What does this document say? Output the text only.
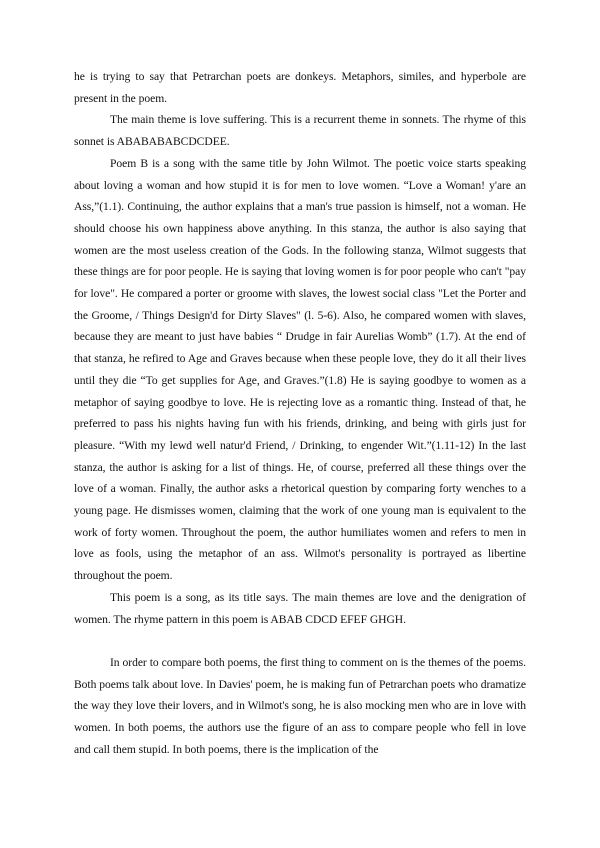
he is trying to say that Petrarchan poets are donkeys. Metaphors, similes, and hyperbole are present in the poem.

The main theme is love suffering. This is a recurrent theme in sonnets. The rhyme of this sonnet is ABABABABCDCDEE.

Poem B is a song with the same title by John Wilmot. The poetic voice starts speaking about loving a woman and how stupid it is for men to love women. “Love a Woman! y'are an Ass,”(1.1). Continuing, the author explains that a man's true passion is himself, not a woman. He should choose his own happiness above anything. In this stanza, the author is also saying that women are the most useless creation of the Gods. In the following stanza, Wilmot suggests that these things are for poor people. He is saying that loving women is for poor people who can't "pay for love". He compared a porter or groome with slaves, the lowest social class "Let the Porter and the Groome, / Things Design'd for Dirty Slaves" (l. 5-6). Also, he compared women with slaves, because they are meant to just have babies “ Drudge in fair Aurelias Womb” (1.7). At the end of that stanza, he refired to Age and Graves because when these people love, they do it all their lives until they die “To get supplies for Age, and Graves.”(1.8) He is saying goodbye to women as a metaphor of saying goodbye to love. He is rejecting love as a romantic thing. Instead of that, he preferred to pass his nights having fun with his friends, drinking, and being with girls just for pleasure. “With my lewd well natur'd Friend, / Drinking, to engender Wit.”(1.11-12) In the last stanza, the author is asking for a list of things. He, of course, preferred all these things over the love of a woman. Finally, the author asks a rhetorical question by comparing forty wenches to a young page. He dismisses women, claiming that the work of one young man is equivalent to the work of forty women. Throughout the poem, the author humiliates women and refers to men in love as fools, using the metaphor of an ass. Wilmot's personality is portrayed as libertine throughout the poem.

This poem is a song, as its title says. The main themes are love and the denigration of women. The rhyme pattern in this poem is ABAB CDCD EFEF GHGH.

In order to compare both poems, the first thing to comment on is the themes of the poems. Both poems talk about love. In Davies' poem, he is making fun of Petrarchan poets who dramatize the way they love their lovers, and in Wilmot's song, he is also mocking men who are in love with women. In both poems, the authors use the figure of an ass to compare people who fell in love and call them stupid. In both poems, there is the implication of the
